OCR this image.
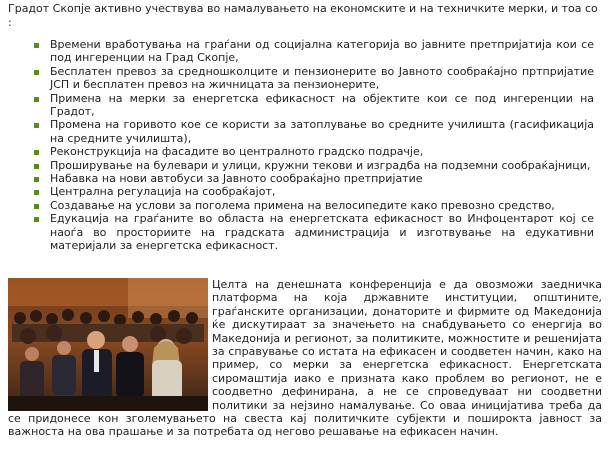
Градот Скопје активно учествува во намалувањето на економските и на техничките мерки, и тоа со :

Времени вработувања на граѓани од социјална категорија во јавните претпријатија кои се под ингеренции на Град Скопје,
Бесплатен превоз за средношколците и пензионерите во Јавното сообраќајно пртпријатие ЈСП и бесплатен превоз на жичницата за пензионерите,
Примена на мерки за енергетска ефикасност на објектите кои се под ингеренции на Градот,
Промена на горивото кое се користи за затоплување во средните училишта (гасификација на средните училишта),
Реконструкција на фасадите во централното градско подрачје,
Проширување на булевари и улици, кружни текови и изградба на подземни сообраќајници,
Набавка на нови автобуси за Јавното сообраќајно претпријатие
Централна регулација на сообраќајот,
Создавање на услови за поголема примена на велосипедите како превозно средство,
Едукација на граѓаните во областа на енергетската ефикасност во Инфоцентарот кој се наоѓа во просториите на градската администрација и изготвување на едукативни материјали за енергетска ефикасност.

Целта на денешната конференција е да овозможи заедничка платформа на која државните институции, општините, граѓанските организации, донаторите и фирмите од Македонија ќе дискутираат за значењето на снабдувањето со енергија во Македонија и регионот, за политиките, можностите и решенијата за справување со истата на ефикасен и соодветен начин, како на пример, со мерки за енергетска ефикасност. Енергетската сиромаштија иако е призната како проблем во регионот, не е соодветно дефинирана, а не се спроведуваат ни соодветни политики за нејзино намалување. Со оваа иницијатива треба да се придонесе кон зголемувањето на свеста кај политичките субјекти и поширокта јавност за важноста на ова прашање и за потребата од негово решавање на ефикасен начин.
